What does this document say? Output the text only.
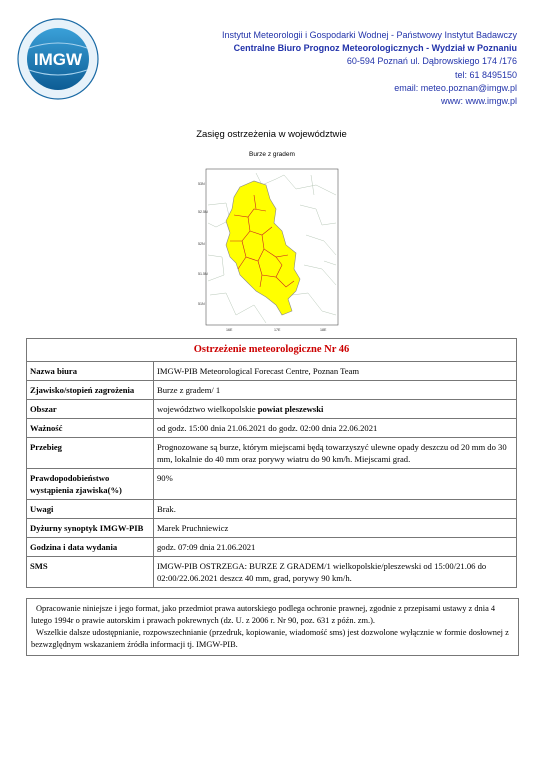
IMGW
Instytut Meteorologii i Gospodarki Wodnej - Państwowy Instytut Badawczy
Centralne Biuro Prognoz Meteorologicznych - Wydział w Poznaniu
60-594 Poznań ul. Dąbrowskiego 174 /176
tel: 61 8495150
email: meteo.poznan@imgw.pl
www: www.imgw.pl
Zasięg ostrzeżenia w województwie
Burze z gradem
53N
52.5N
52N
51.5N
51N
16E	17E	18E
Ostrzeżenie meteorologiczne Nr 46	
Nazwa biura	IMGW-PIB Meteorological Forecast Centre, Poznan Team
Zjawisko/stopień zagrożenia	Burze z gradem/ 1
Obszar	województwo wielkopolskie powiat pleszewski
Ważność	od godz. 15:00 dnia 21.06.2021 do godz. 02:00 dnia 22.06.2021
Przebieg	Prognozowane są burze, którym miejscami będą towarzyszyć ulewne opady deszczu od 20 mm do 30 mm, lokalnie do 40 mm oraz porywy wiatru do 90 km/h. Miejscami grad.
Prawdopodobieństwo wystąpienia zjawiska(%)	90%
Uwagi	Brak.
Dyżurny synoptyk IMGW-PIB	Marek Pruchniewicz
Godzina i data wydania	godz. 07:09 dnia 21.06.2021
SMS	IMGW-PIB OSTRZEGA: BURZE Z GRADEM/1 wielkopolskie/pleszewski od 15:00/21.06 do 02:00/22.06.2021 deszcz 40 mm, grad, porywy 90 km/h.

Opracowanie niniejsze i jego format, jako przedmiot prawa autorskiego podlega ochronie prawnej, zgodnie z przepisami ustawy z dnia 4 lutego 1994r o prawie autorskim i prawach pokrewnych (dz. U. z 2006 r. Nr 90, poz. 631 z późn. zm.).

Wszelkie dalsze udostępnianie, rozpowszechnianie (przedruk, kopiowanie, wiadomość sms) jest dozwolone wyłącznie w formie dosłownej z bezwzględnym wskazaniem źródła informacji tj. IMGW-PIB.
